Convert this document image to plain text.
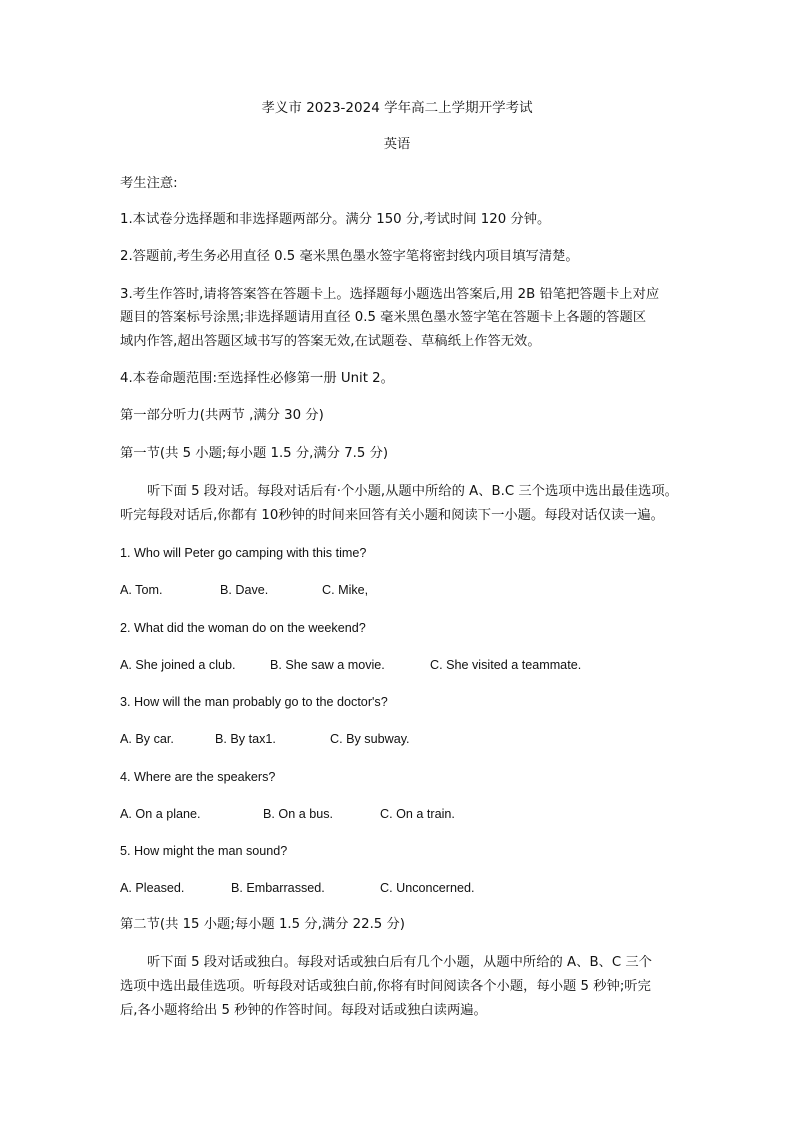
孝义市 2023-2024 学年高二上学期开学考试
英语
考生注意:
1.本试卷分选择题和非选择题两部分。满分 150 分,考试时间 120 分钟。
2.答题前,考生务必用直径 0.5 毫米黑色墨水签字笔将密封线内项目填写清楚。
3.考生作答时,请将答案答在答题卡上。选择题每小题选出答案后,用 2B 铅笔把答题卡上对应
题目的答案标号涂黑;非选择题请用直径 0.5 毫米黑色墨水签字笔在答题卡上各题的答题区
域内作答,超出答题区域书写的答案无效,在试题卷、草稿纸上作答无效。
4.本卷命题范围:至选择性必修第一册 Unit 2。
第一部分听力(共两节 ,满分 30 分)
第一节(共 5 小题;每小题 1.5 分,满分 7.5 分)
听下面 5 段对话。每段对话后有·个小题,从题中所给的 A、B.C 三个选项中选出最佳选项。
听完每段对话后,你都有 10秒钟的时间来回答有关小题和阅读下一小题。每段对话仅读一遍。
1. Who will Peter go camping with this time?
A. Tom.	B. Dave.	C. Mike,
2. What did the woman do on the weekend?
A. She joined a club.	B. She saw a movie.	C. She visited a teammate.
3. How will the man probably go to the doctor's?
A. By car.	B. By tax1.	C. By subway.
4. Where are the speakers?
A. On a plane.	B. On a bus.	C. On a train.
5. How might the man sound?
A. Pleased.	B. Embarrassed.	C. Unconcerned.
第二节(共 15 小题;每小题 1.5 分,满分 22.5 分)
听下面 5 段对话或独白。每段对话或独白后有几个小题，从题中所给的 A、B、C 三个
选项中选出最佳选项。听每段对话或独白前,你将有时间阅读各个小题，每小题 5 秒钟;听完
后,各小题将给出 5 秒钟的作答时间。每段对话或独白读两遍。
